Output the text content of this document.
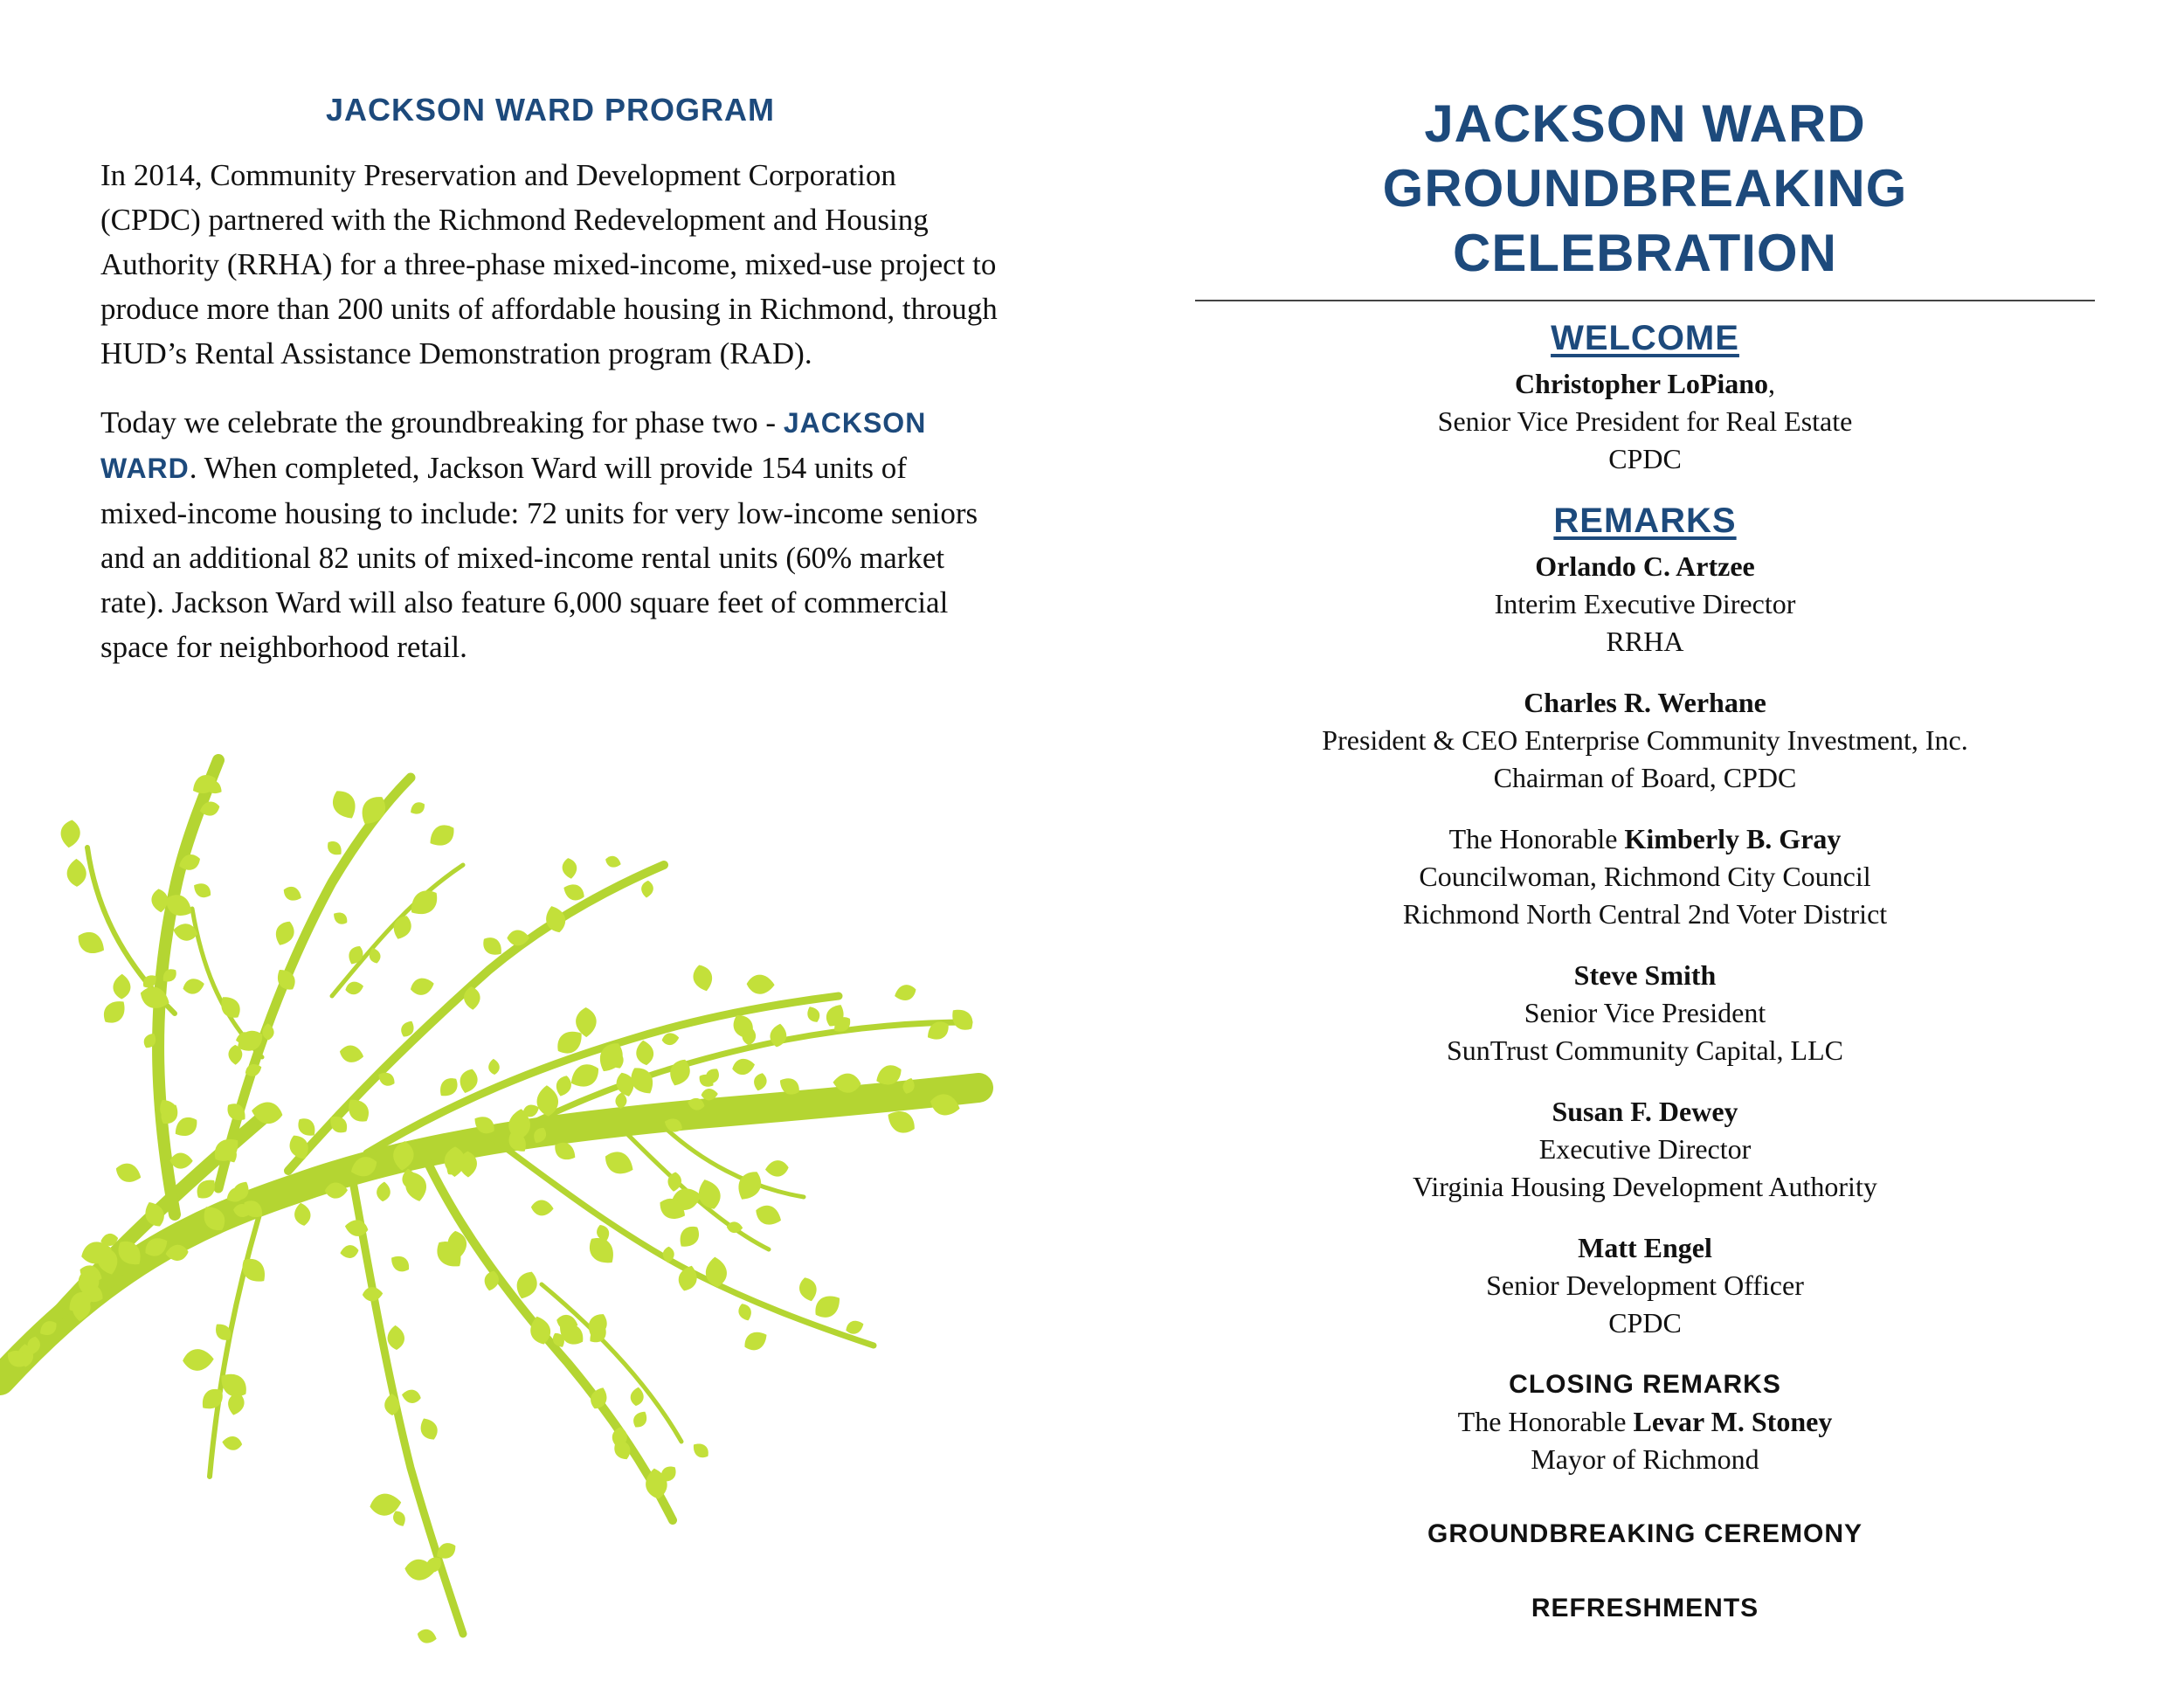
JACKSON WARD PROGRAM

In 2014, Community Preservation and Development Corporation (CPDC) partnered with the Richmond Redevelopment and Housing Authority (RRHA) for a three-phase mixed-income, mixed-use project to produce more than 200 units of affordable housing in Richmond, through HUD’s Rental Assistance Demonstration program (RAD).

Today we celebrate the groundbreaking for phase two - JACKSON WARD. When completed, Jackson Ward will provide 154 units of mixed-income housing to include: 72 units for very low-income seniors and an additional 82 units of mixed-income rental units (60% market rate). Jackson Ward will also feature 6,000 square feet of commercial space for neighborhood retail.

JACKSON WARD
GROUNDBREAKING CELEBRATION
WELCOME
Christopher LoPiano,
Senior Vice President for Real Estate
CPDC
REMARKS
Orlando C. Artzee
Interim Executive Director
RRHA
Charles R. Werhane
President & CEO Enterprise Community Investment, Inc.
Chairman of Board, CPDC
The Honorable Kimberly B. Gray
Councilwoman, Richmond City Council
Richmond North Central 2nd Voter District
Steve Smith
Senior Vice President
SunTrust Community Capital, LLC
Susan F. Dewey
Executive Director
Virginia Housing Development Authority
Matt Engel
Senior Development Officer
CPDC
CLOSING REMARKS
The Honorable Levar M. Stoney
Mayor of Richmond
GROUNDBREAKING CEREMONY
REFRESHMENTS
